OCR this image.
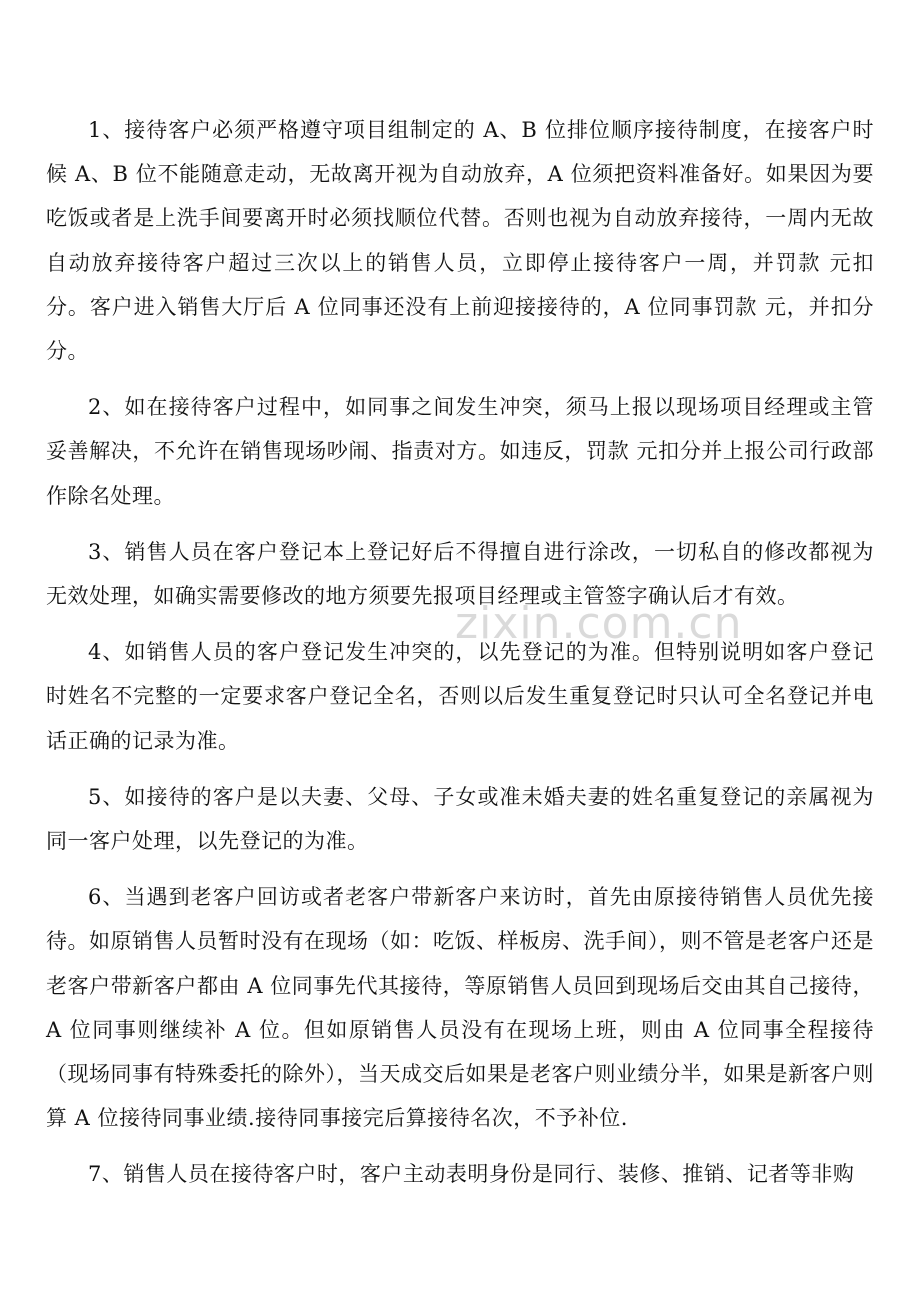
1、接待客户必须严格遵守项目组制定的 A、B 位排位顺序接待制度，在接客户时候 A、B 位不能随意走动，无故离开视为自动放弃，A 位须把资料准备好。如果因为要吃饭或者是上洗手间要离开时必须找顺位代替。否则也视为自动放弃接待，一周内无故自动放弃接待客户超过三次以上的销售人员，立即停止接待客户一周，并罚款 元扣 分。客户进入销售大厅后 A 位同事还没有上前迎接接待的，A 位同事罚款 元，并扣分 分。

2、如在接待客户过程中，如同事之间发生冲突，须马上报以现场项目经理或主管妥善解决，不允许在销售现场吵闹、指责对方。如违反，罚款 元扣分并上报公司行政部作除名处理。

3、销售人员在客户登记本上登记好后不得擅自进行涂改，一切私自的修改都视为无效处理，如确实需要修改的地方须要先报项目经理或主管签字确认后才有效。

4、如销售人员的客户登记发生冲突的，以先登记的为准。但特别说明如客户登记时姓名不完整的一定要求客户登记全名，否则以后发生重复登记时只认可全名登记并电话正确的记录为准。

5、如接待的客户是以夫妻、父母、子女或准未婚夫妻的姓名重复登记的亲属视为同一客户处理，以先登记的为准。

6、当遇到老客户回访或者老客户带新客户来访时，首先由原接待销售人员优先接待。如原销售人员暂时没有在现场（如：吃饭、样板房、洗手间），则不管是老客户还是老客户带新客户都由 A 位同事先代其接待，等原销售人员回到现场后交由其自己接待，A 位同事则继续补 A 位。但如原销售人员没有在现场上班，则由 A 位同事全程接待（现场同事有特殊委托的除外），当天成交后如果是老客户则业绩分半，如果是新客户则算 A 位接待同事业绩.接待同事接完后算接待名次，不予补位.

7、销售人员在接待客户时，客户主动表明身份是同行、装修、推销、记者等非购

zixin.com.cn
